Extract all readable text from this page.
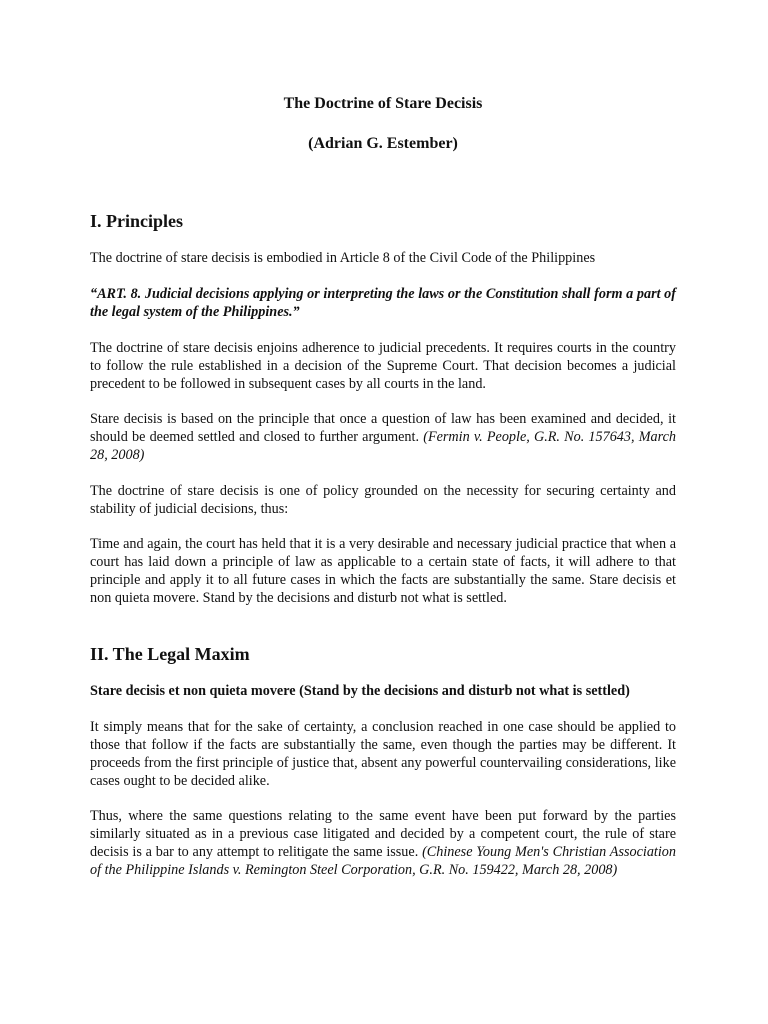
The Doctrine of Stare Decisis
(Adrian G. Estember)
I. Principles

The doctrine of stare decisis is embodied in Article 8 of the Civil Code of the Philippines

“ART. 8. Judicial decisions applying or interpreting the laws or the Constitution shall form a part of the legal system of the Philippines.”

The doctrine of stare decisis enjoins adherence to judicial precedents. It requires courts in the country to follow the rule established in a decision of the Supreme Court. That decision becomes a judicial precedent to be followed in subsequent cases by all courts in the land.

Stare decisis is based on the principle that once a question of law has been examined and decided, it should be deemed settled and closed to further argument. (Fermin v. People, G.R. No. 157643, March 28, 2008)

The doctrine of stare decisis is one of policy grounded on the necessity for securing certainty and stability of judicial decisions, thus:

Time and again, the court has held that it is a very desirable and necessary judicial practice that when a court has laid down a principle of law as applicable to a certain state of facts, it will adhere to that principle and apply it to all future cases in which the facts are substantially the same. Stare decisis et non quieta movere. Stand by the decisions and disturb not what is settled.

II. The Legal Maxim

Stare decisis et non quieta movere (Stand by the decisions and disturb not what is settled)

It simply means that for the sake of certainty, a conclusion reached in one case should be applied to those that follow if the facts are substantially the same, even though the parties may be different. It proceeds from the first principle of justice that, absent any powerful countervailing considerations, like cases ought to be decided alike.

Thus, where the same questions relating to the same event have been put forward by the parties similarly situated as in a previous case litigated and decided by a competent court, the rule of stare decisis is a bar to any attempt to relitigate the same issue. (Chinese Young Men's Christian Association of the Philippine Islands v. Remington Steel Corporation, G.R. No. 159422, March 28, 2008)
